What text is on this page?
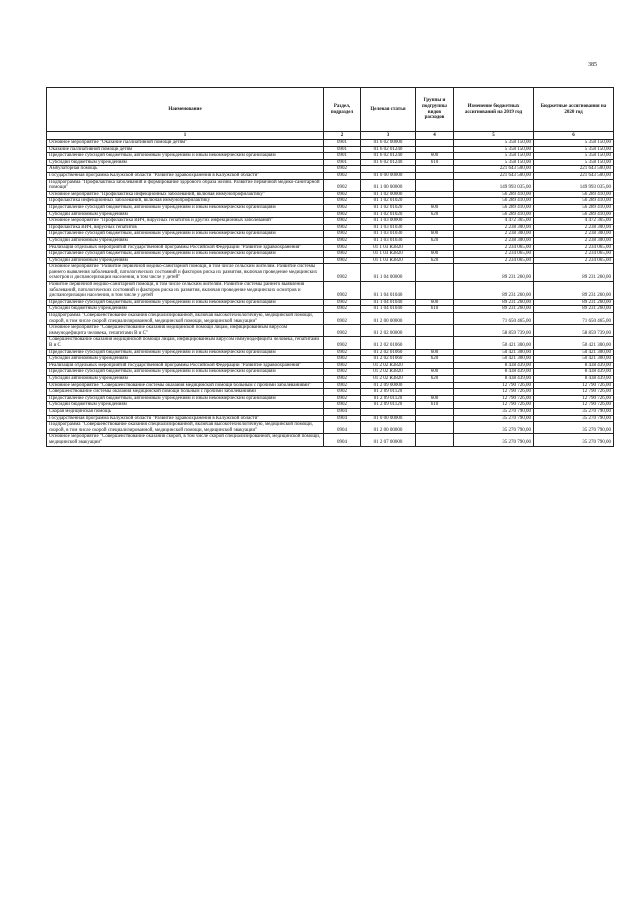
385
Наименование	Раздел, подраздел	Целевая статья	Группы и подгруппы видов расходов	Изменение бюджетных ассигнований на 2019 год	Бюджетные ассигнования на 2020 год
1	2	3	4	5	6
Основное мероприятие "Оказание паллиативной помощи детям"	0901	01 6 02 00000		5 358 150,00	5 358 150,00
Оказание паллиативной помощи детям	0901	01 6 02 01240		5 358 150,00	5 358 150,00
Предоставление субсидий бюджетным, автономным учреждениям и иным некоммерческим организациям	0901	01 6 02 01240	600	5 358 150,00	5 358 150,00
Субсидии бюджетным учреждениям	0901	01 6 02 01240	610	5 358 150,00	5 358 150,00
Амбулаторная помощь	0902			221 643 500,00	221 643 500,00
Государственная программа Калужской области "Развитие здравоохранения в Калужской области"	0902	01 0 00 00000		221 643 500,00	221 643 500,00
Подпрограмма "Профилактика заболеваний и формирование здорового образа жизни. Развитие первичной медико-санитарной помощи"	0902	01 1 00 00000		149 993 035,00	149 993 035,00
Основное мероприятие "Профилактика инфекционных заболеваний, включая иммунопрофилактику"	0902	01 1 02 00000		56 289 410,00	56 289 410,00
Профилактика инфекционных заболеваний, включая иммунопрофилактику	0902	01 1 02 01020		56 289 410,00	56 289 410,00
Предоставление субсидий бюджетным, автономным учреждениям и иным некоммерческим организациям	0902	01 1 02 01020	600	56 289 410,00	56 289 410,00
Субсидии автономным учреждениям	0902	01 1 02 01020	620	56 289 410,00	56 289 410,00
Основное мероприятие "Профилактика ВИЧ, вирусных гепатитов и других инфекционных заболеваний"	0902	01 1 03 00000		4 472 365,00	4 472 365,00
Профилактика ВИЧ, вирусных гепатитов	0902	01 1 03 01030		2 238 300,00	2 238 300,00
Предоставление субсидий бюджетным, автономным учреждениям и иным некоммерческим организациям	0902	01 1 03 01030	600	2 238 300,00	2 238 300,00
Субсидии автономным учреждениям	0902	01 1 03 01030	620	2 238 300,00	2 238 300,00
Реализация отдельных мероприятий государственной программы Российской Федерации "Развитие здравоохранения"	0902	01 1 03 R3820		2 234 065,00	2 234 065,00
Предоставление субсидий бюджетным, автономным учреждениям и иным некоммерческим организациям	0902	01 1 03 R3820	600	2 234 065,00	2 234 065,00
Субсидии автономным учреждениям	0902	01 1 03 R3820	620	2 234 065,00	2 234 065,00
Основное мероприятие "Развитие первичной медико-санитарной помощи, в том числе сельским жителям. Развитие системы раннего выявления заболеваний, патологических состояний и факторов риска их развития, включая проведение медицинских осмотров и диспансеризации населения, в том числе у детей"	0902	01 1 04 00000		89 231 260,00	89 231 260,00
Развитие первичной медико-санитарной помощи, в том числе сельским жителям. Развитие системы раннего выявления заболеваний, патологических состояний и факторов риска их развития, включая проведение медицинских осмотров и диспансеризации населения, в том числе у детей	0902	01 1 04 01040		89 231 260,00	89 231 260,00
Предоставление субсидий бюджетным, автономным учреждениям и иным некоммерческим организациям	0902	01 1 04 01040	600	89 231 260,00	89 231 260,00
Субсидии бюджетным учреждениям	0902	01 1 04 01040	610	89 231 260,00	89 231 260,00
Подпрограмма "Совершенствование оказания специализированной, включая высокотехнологичную, медицинской помощи, скорой, в том числе скорой специализированной, медицинской помощи, медицинской эвакуации"	0902	01 2 00 00000		71 650 465,00	71 650 465,00
Основное мероприятие "Совершенствование оказания медицинской помощи лицам, инфицированным вирусом иммунодефицита человека, гепатитами В и С"	0902	01 2 02 00000		58 859 739,00	58 859 739,00
Совершенствование оказания медицинской помощи лицам, инфицированным вирусом иммунодефицита человека, гепатитами В и С	0902	01 2 02 01060		50 421 300,00	50 421 300,00
Предоставление субсидий бюджетным, автономным учреждениям и иным некоммерческим организациям	0902	01 2 02 01060	600	50 421 300,00	50 421 300,00
Субсидии автономным учреждениям	0902	01 2 02 01060	620	50 421 300,00	50 421 300,00
Реализация отдельных мероприятий государственной программы Российской Федерации "Развитие здравоохранения"	0902	01 2 02 R3820		8 438 439,00	8 438 439,00
Предоставление субсидий бюджетным, автономным учреждениям и иным некоммерческим организациям	0902	01 2 02 R3820	600	8 438 439,00	8 438 439,00
Субсидии автономным учреждениям	0902	01 2 02 R3820	620	8 438 439,00	8 438 439,00
Основное мероприятие "Совершенствование системы оказания медицинской помощи больным с прочими заболеваниями"	0902	01 2 09 00000		12 790 726,00	12 790 726,00
Совершенствование системы оказания медицинской помощи больным с прочими заболеваниями	0902	01 2 09 01120		12 790 726,00	12 790 726,00
Предоставление субсидий бюджетным, автономным учреждениям и иным некоммерческим организациям	0902	01 2 09 01120	600	12 790 726,00	12 790 726,00
Субсидии бюджетным учреждениям	0902	01 2 09 01120	610	12 790 726,00	12 790 726,00
Скорая медицинская помощь	0904			35 270 790,00	35 270 790,00
Государственная программа Калужской области "Развитие здравоохранения в Калужской области"	0904	01 0 00 00000		35 270 790,00	35 270 790,00
Подпрограмма "Совершенствование оказания специализированной, включая высокотехнологичную, медицинской помощи, скорой, в том числе скорой специализированной, медицинской помощи, медицинской эвакуации"	0904	01 2 00 00000		35 270 790,00	35 270 790,00
Основное мероприятие "Совершенствование оказания скорой, в том числе скорой специализированной, медицинской помощи, медицинской эвакуации"	0904	01 2 07 00000		35 270 790,00	35 270 790,00
